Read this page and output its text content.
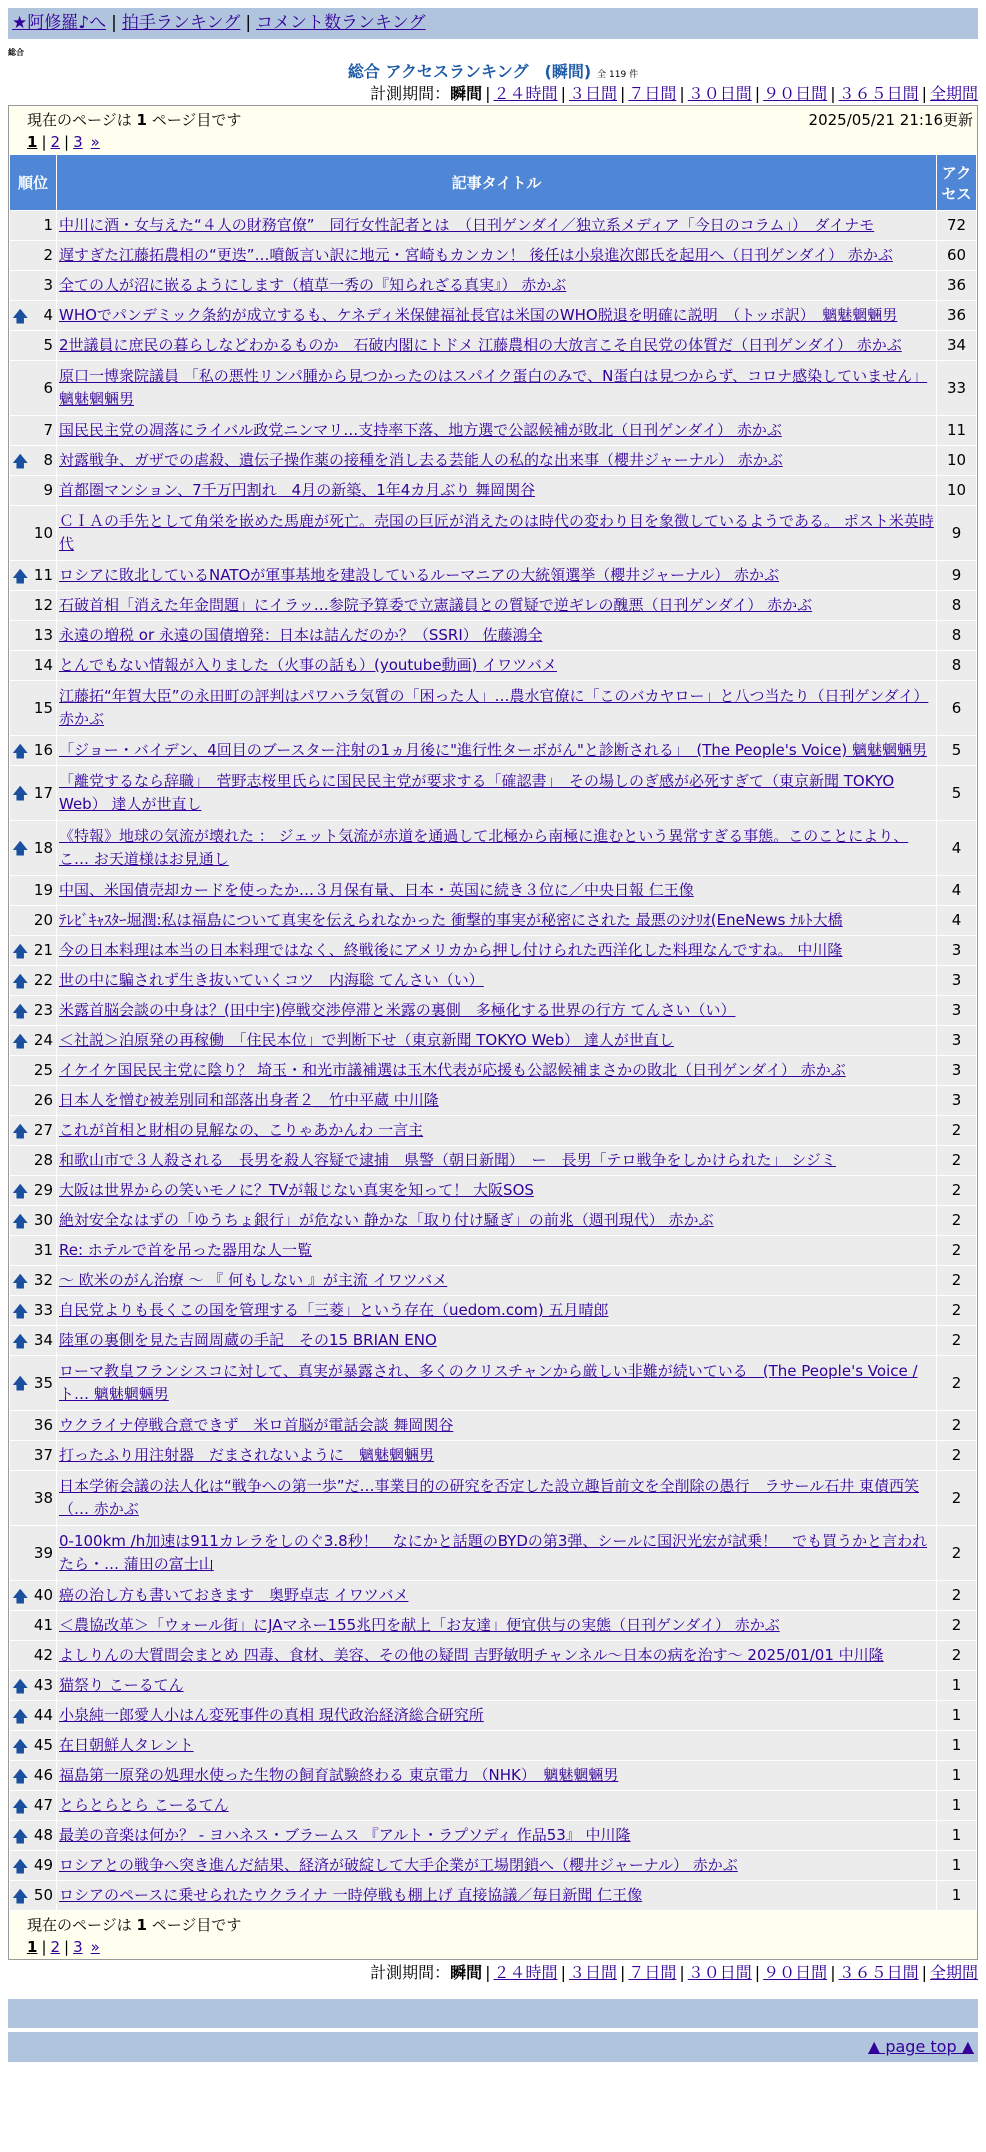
★阿修羅♪へ | 拍手ランキング | コメント数ランキング
総合
総合 アクセスランキング　(瞬間) 全 119 件
計測期間：瞬間 | ２４時間 | ３日間 | ７日間 | ３０日間 | ９０日間 | ３６５日間 | 全期間
現在のページは 1 ページ目です	2025/05/21 21:16更新
1 | 2 | 3 »
順位	記事タイトル	アクセス
1	中川に酒・女与えた“４人の財務官僚”　同行女性記者とは　（日刊ゲンダイ／独立系メディア「今日のコラム」）　ダイナモ	72
2	遅すぎた江藤拓農相の“更迭”…噴飯言い訳に地元・宮崎もカンカン！ 後任は小泉進次郎氏を起用へ（日刊ゲンダイ） 赤かぶ	60
3	全ての人が沼に嵌るようにします（植草一秀の『知られざる真実』） 赤かぶ	36

🡅 4	WHOでパンデミック条約が成立するも、ケネディ米保健福祉長官は米国のWHO脱退を明確に説明　（トッポ訳）　魑魅魍魎男	36
5	2世議員に庶民の暮らしなどわかるものか　石破内閣にトドメ 江藤農相の大放言こそ自民党の体質だ（日刊ゲンダイ） 赤かぶ	34
6	原口一博衆院議員 「私の悪性リンパ腫から見つかったのはスパイク蛋白のみで、N蛋白は見つからず、コロナ感染していません」 魑魅魍魎男	33
7	国民民主党の凋落にライバル政党ニンマリ…支持率下落、地方選で公認候補が敗北（日刊ゲンダイ） 赤かぶ	11

🡅 8	対露戦争、ガザでの虐殺、遺伝子操作薬の接種を消し去る芸能人の私的な出来事（櫻井ジャーナル） 赤かぶ	10
9	首都圏マンション、7千万円割れ　4月の新築、1年4カ月ぶり 舞岡関谷	10
10	ＣＩＡの手先として角栄を嵌めた馬鹿が死亡。売国の巨匠が消えたのは時代の変わり目を象徴しているようである。 ポスト米英時代	9

🡅 11	ロシアに敗北しているNATOが軍事基地を建設しているルーマニアの大統領選挙（櫻井ジャーナル） 赤かぶ	9
12	石破首相「消えた年金問題」にイラッ…参院予算委で立憲議員との質疑で逆ギレの醜悪（日刊ゲンダイ） 赤かぶ	8
13	永遠の増税 or 永遠の国債増発：日本は詰んだのか？（SSRI） 佐藤鴻全	8
14	とんでもない情報が入りました（火事の話も）(youtube動画) イワツバメ	8
15	江藤拓“年賀大臣”の永田町の評判はパワハラ気質の「困った人」…農水官僚に「このバカヤロー」と八つ当たり（日刊ゲンダイ） 赤かぶ	6

🡅 16	「ジョー・バイデン、4回目のブースター注射の1ヵ月後に"進行性ターボがん"と診断される」　(The People's Voice) 魑魅魍魎男	5

🡅 17	「離党するなら辞職」　菅野志桜里氏らに国民民主党が要求する「確認書」　その場しのぎ感が必死すぎて（東京新聞 TOKYO Web） 達人が世直し	5

🡅 18	《特報》地球の気流が壊れた ： ジェット気流が赤道を通過して北極から南極に進むという異常すぎる事態。このことにより、こ… お天道様はお見通し	4
19	中国、米国債売却カードを使ったか…３月保有量、日本・英国に続き３位に／中央日報 仁王像	4
20	ﾃﾚﾋﾞｷｬｽﾀｰ堀潤:私は福島について真実を伝えられなかった 衝撃的事実が秘密にされた 最悪のｼﾅﾘｵ(EneNews ﾅﾙﾄ大橋	4

🡅 21	今の日本料理は本当の日本料理ではなく、終戦後にアメリカから押し付けられた西洋化した料理なんですね。 中川隆	3

🡅 22	世の中に騙されず生き抜いていくコツ　内海聡 てんさい（い）	3

🡅 23	米露首脳会談の中身は？(田中宇)停戦交渉停滞と米露の裏側　多極化する世界の行方 てんさい（い）	3

🡅 24	＜社説＞泊原発の再稼働　「住民本位」で判断下せ（東京新聞 TOKYO Web） 達人が世直し	3
25	イケイケ国民民主党に陰り？ 埼玉・和光市議補選は玉木代表が応援も公認候補まさかの敗北（日刊ゲンダイ） 赤かぶ	3
26	日本人を憎む被差別同和部落出身者２＿竹中平蔵 中川隆	3

🡅 27	これが首相と財相の見解なの、こりゃあかんわ 一言主	2
28	和歌山市で３人殺される　長男を殺人容疑で逮捕　県警（朝日新聞）　ー　長男「テロ戦争をしかけられた」 シジミ	2

🡅 29	大阪は世界からの笑いモノに？TVが報じない真実を知って！ 大阪SOS	2

🡅 30	絶対安全なはずの「ゆうちょ銀行」が危ない 静かな「取り付け騒ぎ」の前兆（週刊現代） 赤かぶ	2
31	Re: ホテルで首を吊った器用な人一覧	2

🡅 32	～ 欧米のがん治療 ～ 『 何もしない 』が主流 イワツバメ	2

🡅 33	自民党よりも長くこの国を管理する「三菱」という存在（uedom.com) 五月晴郎	2

🡅 34	陸軍の裏側を見た吉岡周蔵の手記　その15 BRIAN ENO	2

🡅 35	ローマ教皇フランシスコに対して、真実が暴露され、多くのクリスチャンから厳しい非難が続いている　(The People's Voice / ト… 魑魅魍魎男	2
36	ウクライナ停戦合意できず　米ロ首脳が電話会談 舞岡関谷	2
37	打ったふり用注射器　だまされないように　魑魅魍魎男	2
38	日本学術会議の法人化は“戦争への第一歩”だ…事業目的の研究を否定した設立趣旨前文を全削除の愚行　ラサール石井 東債西笑（… 赤かぶ	2
39	0-100km /h加速は911カレラをしのぐ3.8秒！　なにかと話題のBYDの第3弾、シールに国沢光宏が試乗！　でも買うかと言われたら・… 蒲田の富士山	2

🡅 40	癌の治し方も書いておきます　奥野卓志 イワツバメ	2
41	＜農協改革＞「ウォール街」にJAマネー155兆円を献上「お友達」便宜供与の実態（日刊ゲンダイ） 赤かぶ	2
42	よしりんの大質問会まとめ 四毒、食材、美容、その他の疑問 吉野敏明チャンネル～日本の病を治す～ 2025/01/01 中川隆	2

🡅 43	猫祭り こーるてん	1

🡅 44	小泉純一郎愛人小はん変死事件の真相 現代政治経済総合研究所	1

🡅 45	在日朝鮮人タレント	1

🡅 46	福島第一原発の処理水使った生物の飼育試験終わる 東京電力 （NHK）　魑魅魍魎男	1

🡅 47	とらとらとら こーるてん	1

🡅 48	最美の音楽は何か？ - ヨハネス・ブラームス 『アルト・ラプソディ 作品53』 中川隆	1

🡅 49	ロシアとの戦争へ突き進んだ結果、経済が破綻して大手企業が工場閉鎖へ（櫻井ジャーナル） 赤かぶ	1

🡅 50	ロシアのペースに乗せられたウクライナ 一時停戦も棚上げ 直接協議／毎日新聞 仁王像	1
現在のページは 1 ページ目です
1 | 2 | 3 »
計測期間：瞬間 | ２４時間 | ３日間 | ７日間 | ３０日間 | ９０日間 | ３６５日間 | 全期間
▲ page top ▲
